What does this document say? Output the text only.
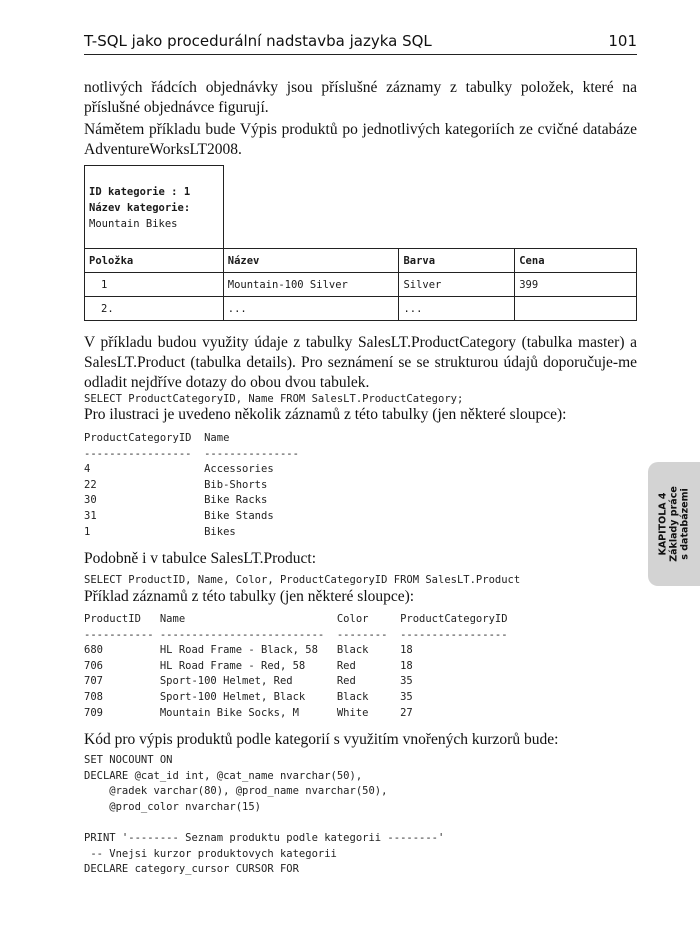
T-SQL jako procedurální nadstavba jazyka SQL	101

notlivých řádcích objednávky jsou příslušné záznamy z tabulky položek, které na příslušné objednávce figurují.

Námětem příkladu bude Výpis produktů po jednotlivých kategoriích ze cvičné databáze AdventureWorksLT2008.

ID kategorie : 1
Název kategorie:
Mountain Bikes
Položka	Název	Barva	Cena
1	Mountain-100 Silver	Silver	399
2.	...	...	

V příkladu budou využity údaje z tabulky SalesLT.ProductCategory (tabulka master) a SalesLT.Product (tabulka details). Pro seznámení se se strukturou údajů doporučuje-me odladit nejdříve dotazy do obou dvou tabulek.

SELECT ProductCategoryID, Name FROM SalesLT.ProductCategory;

Pro ilustraci je uvedeno několik záznamů z této tabulky (jen některé sloupce):

ProductCategoryID  Name
-----------------  ---------------
4                  Accessories
22                 Bib-Shorts
30                 Bike Racks
31                 Bike Stands
1                  Bikes

Podobně i v tabulce SalesLT.Product:

SELECT ProductID, Name, Color, ProductCategoryID FROM SalesLT.Product

Příklad záznamů z této tabulky (jen některé sloupce):

ProductID   Name                        Color     ProductCategoryID
----------- --------------------------  --------  -----------------
680         HL Road Frame - Black, 58   Black     18
706         HL Road Frame - Red, 58     Red       18
707         Sport-100 Helmet, Red       Red       35
708         Sport-100 Helmet, Black     Black     35
709         Mountain Bike Socks, M      White     27

Kód pro výpis produktů podle kategorií s využitím vnořených kurzorů bude:

SET NOCOUNT ON
DECLARE @cat_id int, @cat_name nvarchar(50),
@radek varchar(80), @prod_name nvarchar(50),
@prod_color nvarchar(15)

PRINT '-------- Seznam produktu podle kategorii --------'
-- Vnejsi kurzor produktovych kategorii
DECLARE category_cursor CURSOR FOR
KAPITOLA 4 Základy práce s databázemi
